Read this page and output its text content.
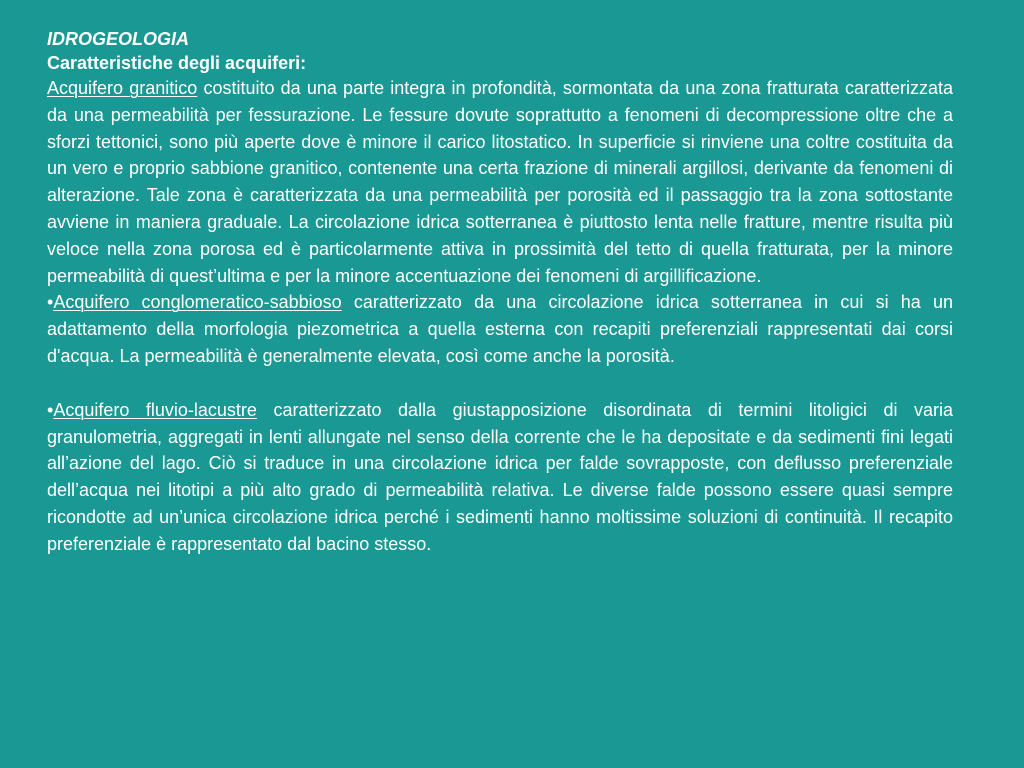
IDROGEOLOGIA

Caratteristiche degli acquiferi:

Acquifero granitico costituito da una parte integra in profondità, sormontata da una zona fratturata caratterizzata da una permeabilità per fessurazione. Le fessure dovute soprattutto a fenomeni di decompressione oltre che a sforzi tettonici, sono più aperte dove è minore il carico litostatico. In superficie si rinviene una coltre costituita da un vero e proprio sabbione granitico, contenente una certa frazione di minerali argillosi, derivante da fenomeni di alterazione. Tale zona è caratterizzata da una permeabilità per porosità ed il passaggio tra la zona sottostante avviene in maniera graduale. La circolazione idrica sotterranea è piuttosto lenta nelle fratture, mentre risulta più veloce nella zona porosa ed è particolarmente attiva in prossimità del tetto di quella fratturata, per la minore permeabilità di quest’ultima e per la minore accentuazione dei fenomeni di argillificazione.

•Acquifero conglomeratico-sabbioso caratterizzato da una circolazione idrica sotterranea in cui si ha un adattamento della morfologia piezometrica a quella esterna con recapiti preferenziali rappresentati dai corsi d'acqua. La permeabilità è generalmente elevata, così come anche la porosità.

•Acquifero fluvio-lacustre caratterizzato dalla giustapposizione disordinata di termini litoligici di varia granulometria, aggregati in lenti allungate nel senso della corrente che le ha depositate e da sedimenti fini legati all’azione del lago. Ciò si traduce in una circolazione idrica per falde sovrapposte, con deflusso preferenziale dell’acqua nei litotipi a più alto grado di permeabilità relativa. Le diverse falde possono essere quasi sempre ricondotte ad un’unica circolazione idrica perché i sedimenti hanno moltissime soluzioni di continuità. Il recapito preferenziale è rappresentato dal bacino stesso.
